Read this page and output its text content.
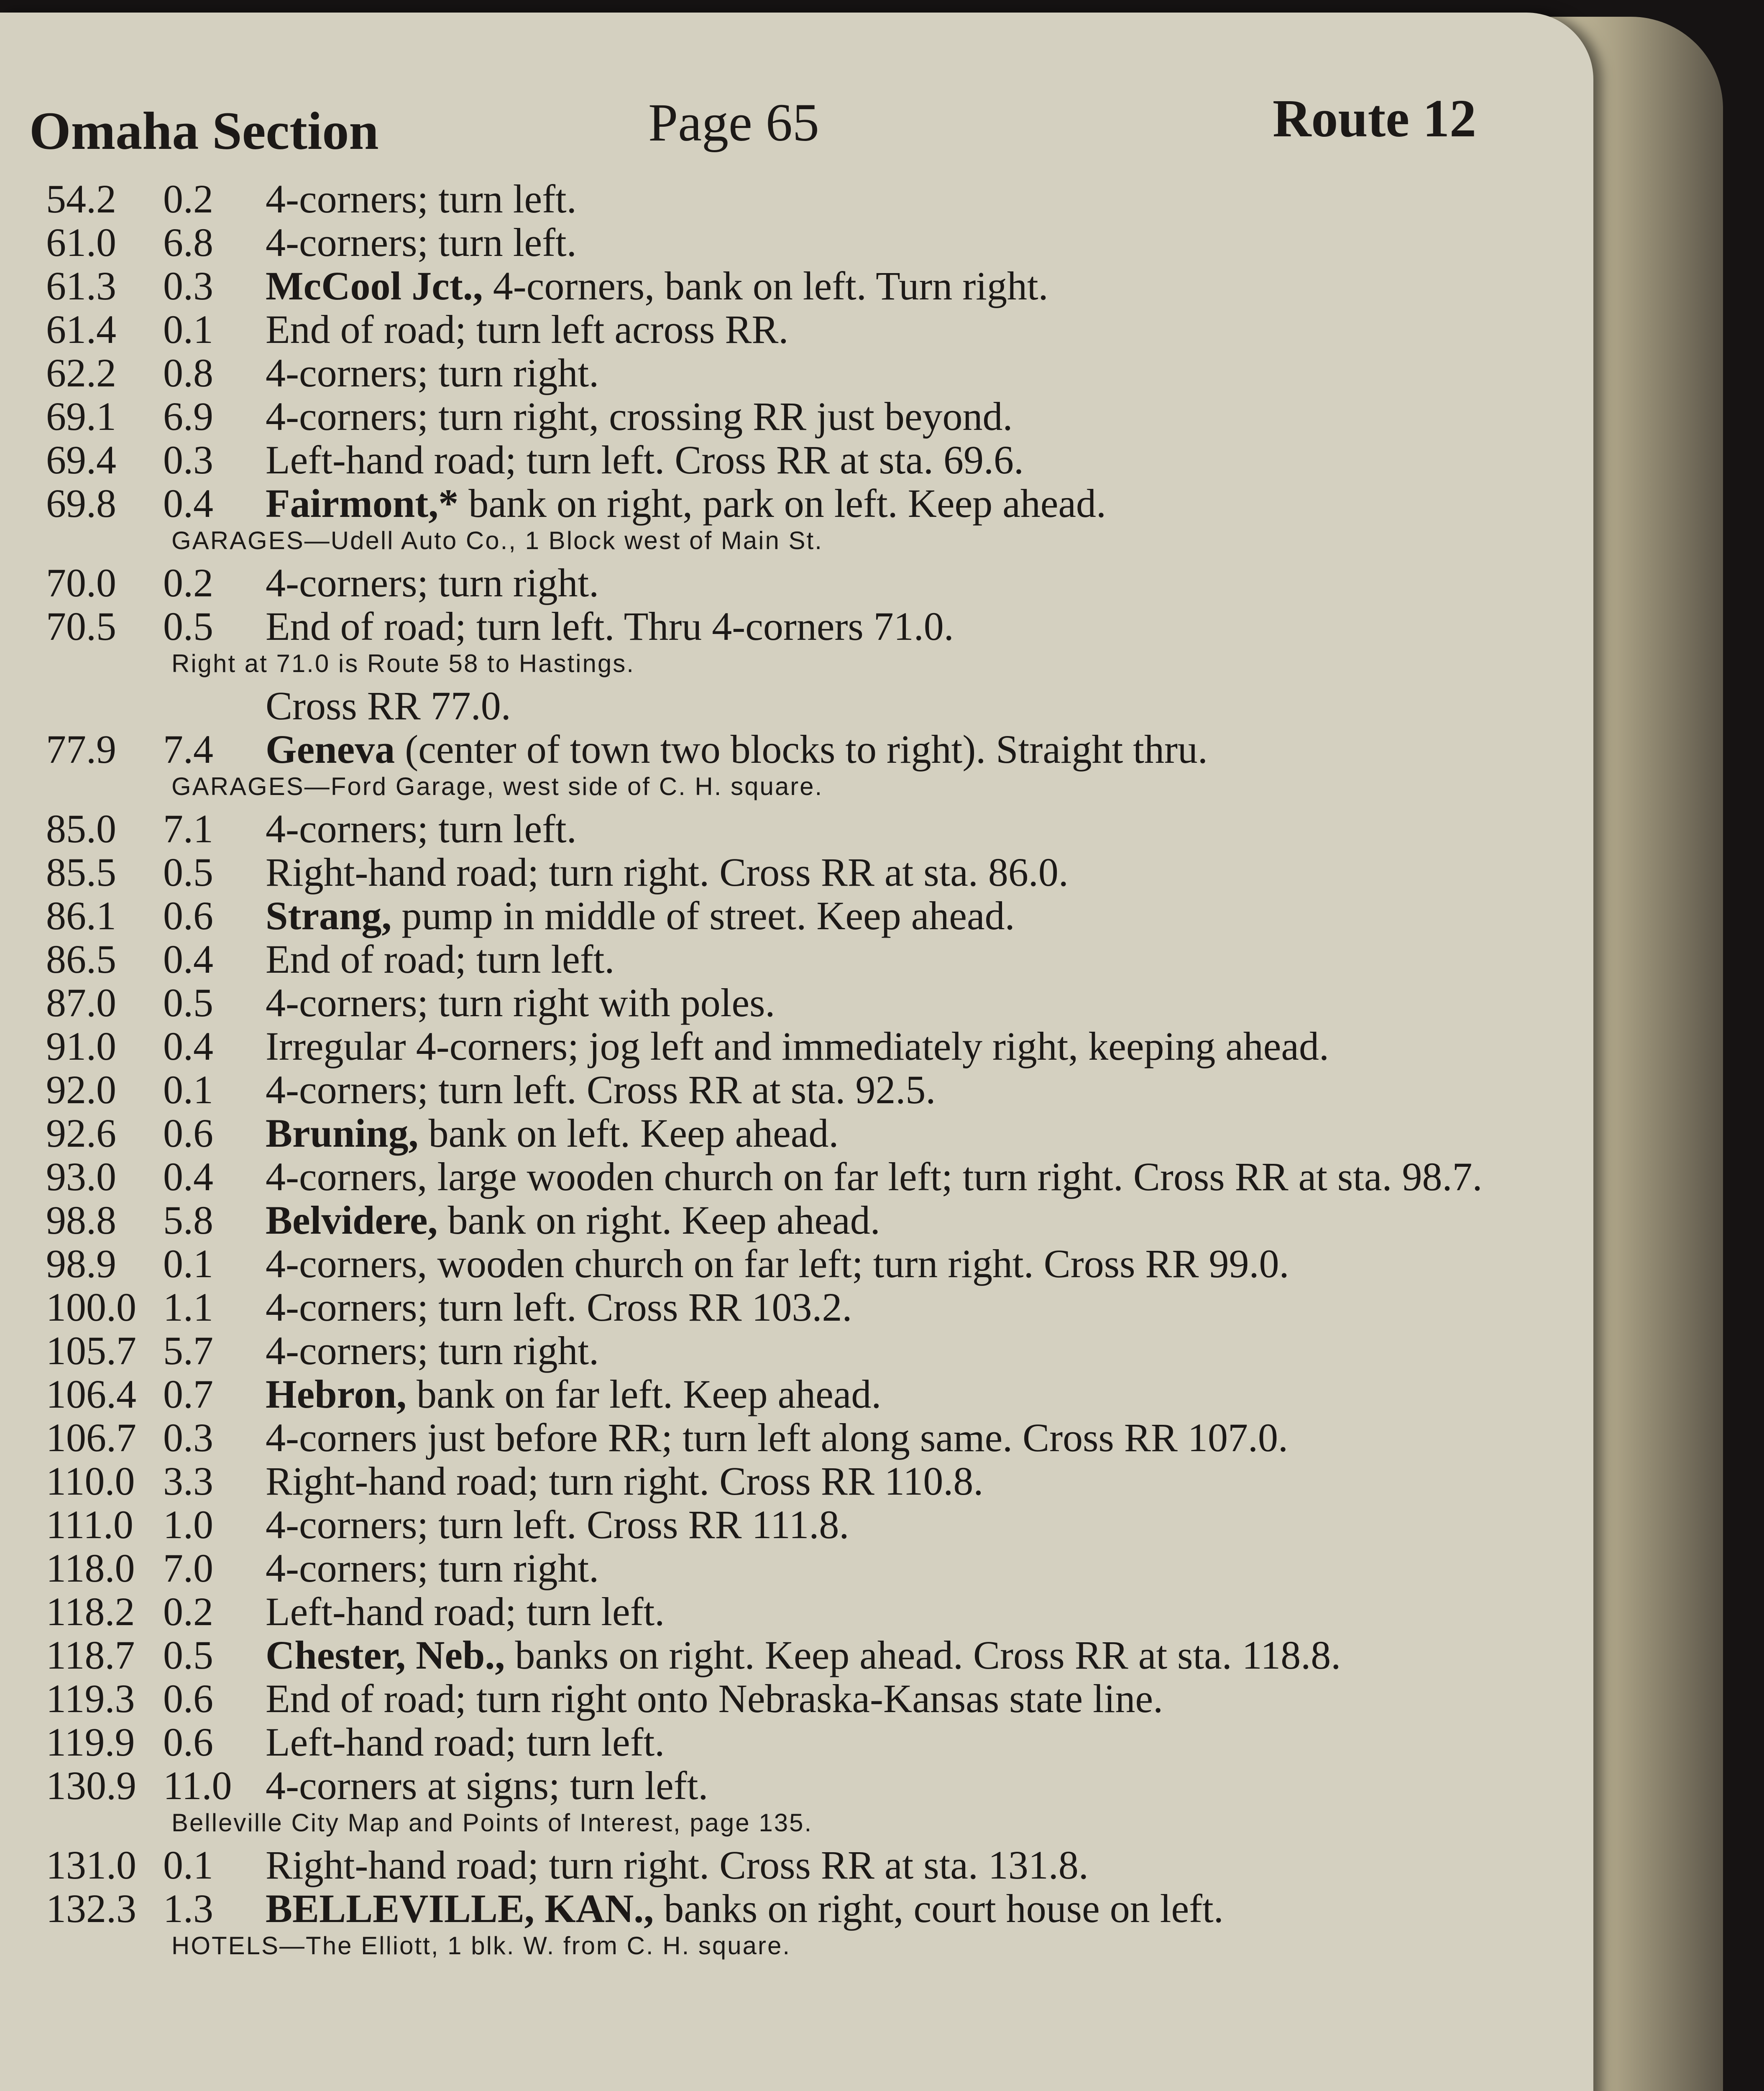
Omaha Section	Page 65	Route 12
54.2	0.2	4-corners; turn left.
61.0	6.8	4-corners; turn left.
61.3	0.3	McCool Jct., 4-corners, bank on left. Turn right.
61.4	0.1	End of road; turn left across RR.
62.2	0.8	4-corners; turn right.
69.1	6.9	4-corners; turn right, crossing RR just beyond.
69.4	0.3	Left-hand road; turn left. Cross RR at sta. 69.6.
69.8	0.4	Fairmont,* bank on right, park on left. Keep ahead.
GARAGES—Udell Auto Co., 1 Block west of Main St.
70.0	0.2	4-corners; turn right.
70.5	0.5	End of road; turn left. Thru 4-corners 71.0.
Right at 71.0 is Route 58 to Hastings.
Cross RR 77.0.
77.9	7.4	Geneva (center of town two blocks to right). Straight thru.
GARAGES—Ford Garage, west side of C. H. square.
85.0	7.1	4-corners; turn left.
85.5	0.5	Right-hand road; turn right. Cross RR at sta. 86.0.
86.1	0.6	Strang, pump in middle of street. Keep ahead.
86.5	0.4	End of road; turn left.
87.0	0.5	4-corners; turn right with poles.
91.0	0.4	Irregular 4-corners; jog left and immediately right, keeping ahead.
92.0	0.1	4-corners; turn left. Cross RR at sta. 92.5.
92.6	0.6	Bruning, bank on left. Keep ahead.
93.0	0.4	4-corners, large wooden church on far left; turn right. Cross RR at sta. 98.7.
98.8	5.8	Belvidere, bank on right. Keep ahead.
98.9	0.1	4-corners, wooden church on far left; turn right. Cross RR 99.0.
100.0 1.1	4-corners; turn left. Cross RR 103.2.
105.7 5.7	4-corners; turn right.
106.4 0.7	Hebron, bank on far left. Keep ahead.
106.7 0.3	4-corners just before RR; turn left along same. Cross RR 107.0.
110.0 3.3	Right-hand road; turn right. Cross RR 110.8.
111.0 1.0	4-corners; turn left. Cross RR 111.8.
118.0 7.0	4-corners; turn right.
118.2 0.2	Left-hand road; turn left.
118.7 0.5	Chester, Neb., banks on right. Keep ahead. Cross RR at sta. 118.8.
119.3 0.6	End of road; turn right onto Nebraska-Kansas state line.
119.9 0.6	Left-hand road; turn left.
130.9 11.0 4-corners at signs; turn left.
Belleville City Map and Points of Interest, page 135.
131.0 0.1	Right-hand road; turn right. Cross RR at sta. 131.8.
132.3 1.3	BELLEVILLE, KAN., banks on right, court house on left.
HOTELS—The Elliott, 1 blk. W. from C. H. square.
